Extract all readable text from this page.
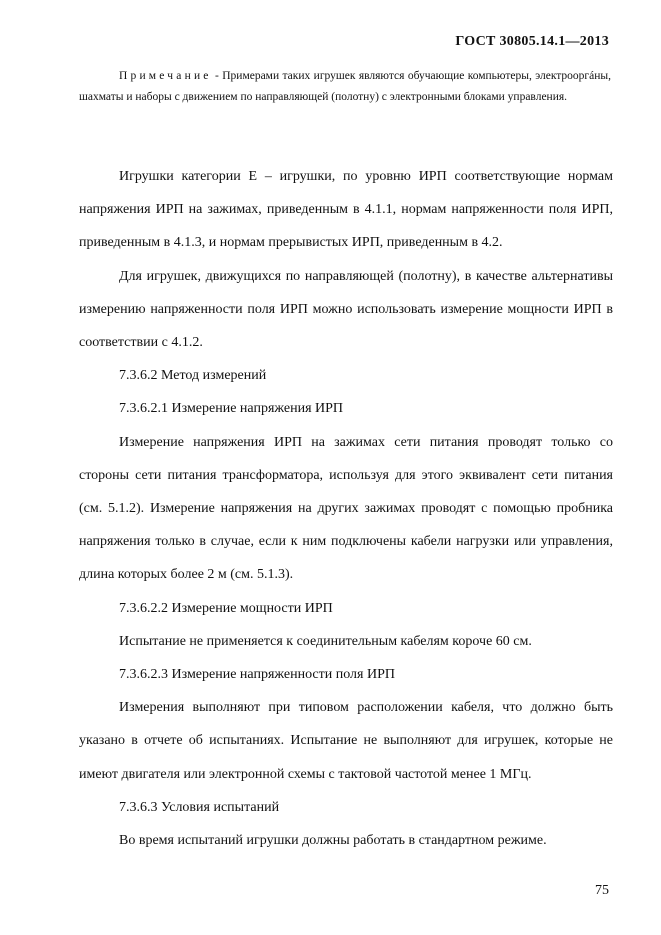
ГОСТ 30805.14.1—2013
Примечание - Примерами таких игрушек являются обучающие компьютеры, электрооргáны, шахматы и наборы с движением по направляющей (полотну) с электронными блоками управления.

Игрушки категории Е – игрушки, по уровню ИРП соответствующие нормам напряжения ИРП на зажимах, приведенным в 4.1.1, нормам напряженности поля ИРП, приведенным в 4.1.3, и нормам прерывистых ИРП, приведенным в 4.2.

Для игрушек, движущихся по направляющей (полотну), в качестве альтернативы измерению напряженности поля ИРП можно использовать измерение мощности ИРП в соответствии с 4.1.2.

7.3.6.2 Метод измерений

7.3.6.2.1 Измерение напряжения ИРП

Измерение напряжения ИРП на зажимах сети питания проводят только со стороны сети питания трансформатора, используя для этого эквивалент сети питания (см. 5.1.2). Измерение напряжения на других зажимах проводят с помощью пробника напряжения только в случае, если к ним подключены кабели нагрузки или управления, длина которых более 2 м (см. 5.1.3).

7.3.6.2.2 Измерение мощности ИРП

Испытание не применяется к соединительным кабелям короче 60 см.

7.3.6.2.3 Измерение напряженности поля ИРП

Измерения выполняют при типовом расположении кабеля, что должно быть указано в отчете об испытаниях. Испытание не выполняют для игрушек, которые не имеют двигателя или электронной схемы с тактовой частотой менее 1 МГц.

7.3.6.3 Условия испытаний

Во время испытаний игрушки должны работать в стандартном режиме.

75
